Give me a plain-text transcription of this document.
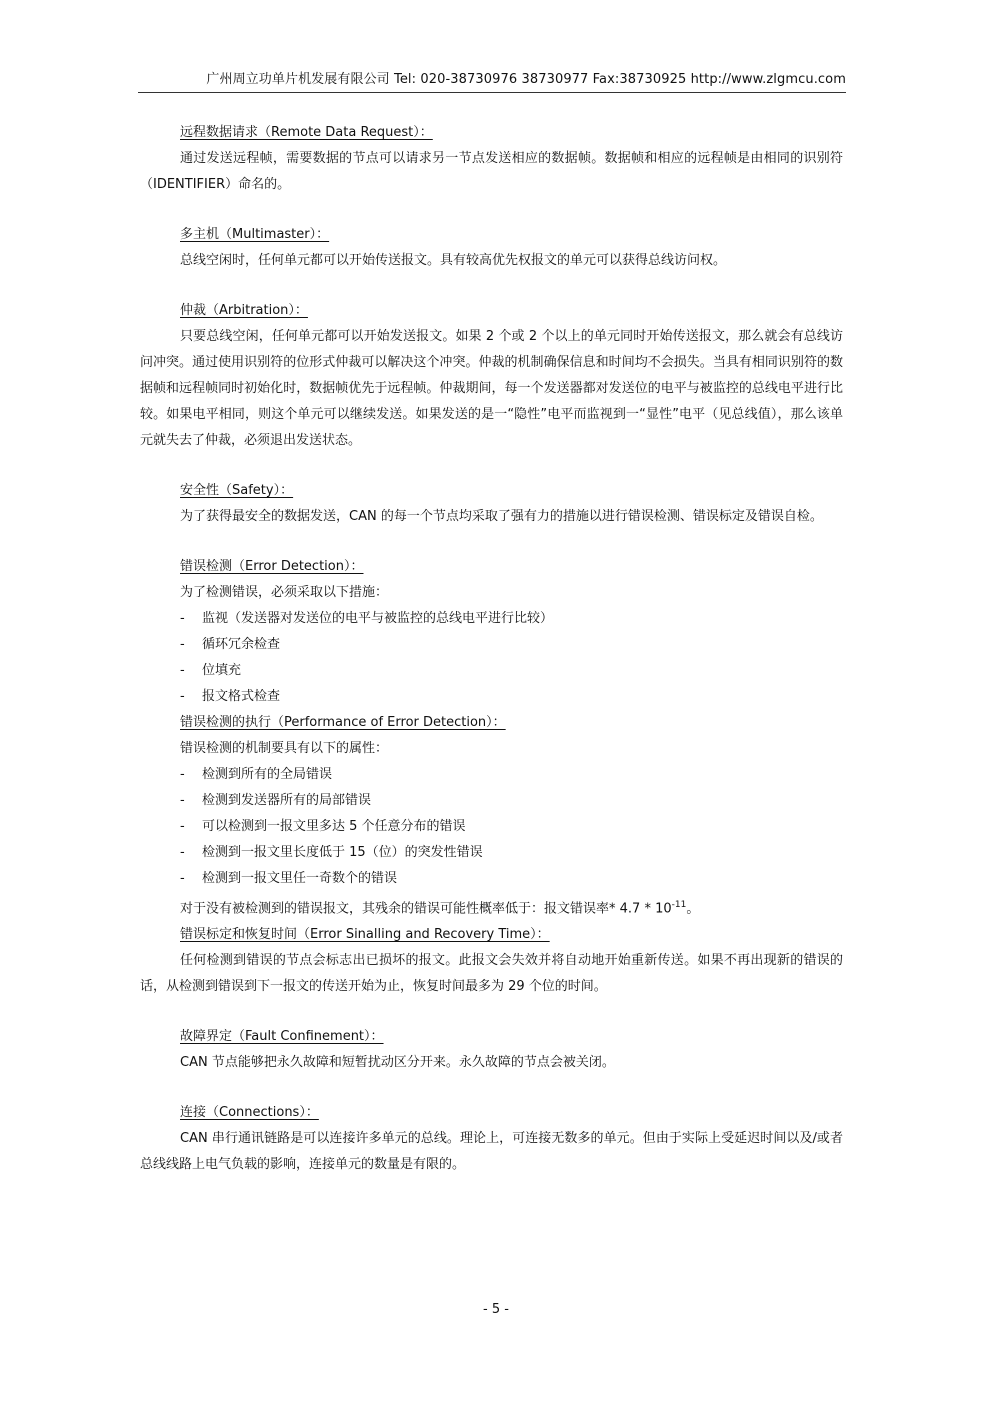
广州周立功单片机发展有限公司 Tel: 020-38730976 38730977 Fax:38730925 http://www.zlgmcu.com
远程数据请求（Remote Data Request）：

通过发送远程帧，需要数据的节点可以请求另一节点发送相应的数据帧。数据帧和相应的远程帧是由相同的识别符（IDENTIFIER）命名的。

多主机（Multimaster）：

总线空闲时，任何单元都可以开始传送报文。具有较高优先权报文的单元可以获得总线访问权。

仲裁（Arbitration）：

只要总线空闲，任何单元都可以开始发送报文。如果 2 个或 2 个以上的单元同时开始传送报文，那么就会有总线访问冲突。通过使用识别符的位形式仲裁可以解决这个冲突。仲裁的机制确保信息和时间均不会损失。当具有相同识别符的数据帧和远程帧同时初始化时，数据帧优先于远程帧。仲裁期间，每一个发送器都对发送位的电平与被监控的总线电平进行比较。如果电平相同，则这个单元可以继续发送。如果发送的是一“隐性”电平而监视到一“显性”电平（见总线值），那么该单元就失去了仲裁，必须退出发送状态。

安全性（Safety）：

为了获得最安全的数据发送，CAN 的每一个节点均采取了强有力的措施以进行错误检测、错误标定及错误自检。

错误检测（Error Detection）：
为了检测错误，必须采取以下措施：
- 监视（发送器对发送位的电平与被监控的总线电平进行比较）
- 循环冗余检查
- 位填充
- 报文格式检查
错误检测的执行（Performance of Error Detection）：
错误检测的机制要具有以下的属性：
- 检测到所有的全局错误
- 检测到发送器所有的局部错误
- 可以检测到一报文里多达 5 个任意分布的错误
- 检测到一报文里长度低于 15（位）的突发性错误
- 检测到一报文里任一奇数个的错误
对于没有被检测到的错误报文，其残余的错误可能性概率低于：报文错误率* $4.7 * 10^{-11}$。
错误标定和恢复时间（Error Sinalling and Recovery Time）：

任何检测到错误的节点会标志出已损坏的报文。此报文会失效并将自动地开始重新传送。如果不再出现新的错误的话，从检测到错误到下一报文的传送开始为止，恢复时间最多为 29 个位的时间。

故障界定（Fault Confinement）：

CAN 节点能够把永久故障和短暂扰动区分开来。永久故障的节点会被关闭。

连接（Connections）：

CAN 串行通讯链路是可以连接许多单元的总线。理论上，可连接无数多的单元。但由于实际上受延迟时间以及/或者总线线路上电气负载的影响，连接单元的数量是有限的。

- 5 -
